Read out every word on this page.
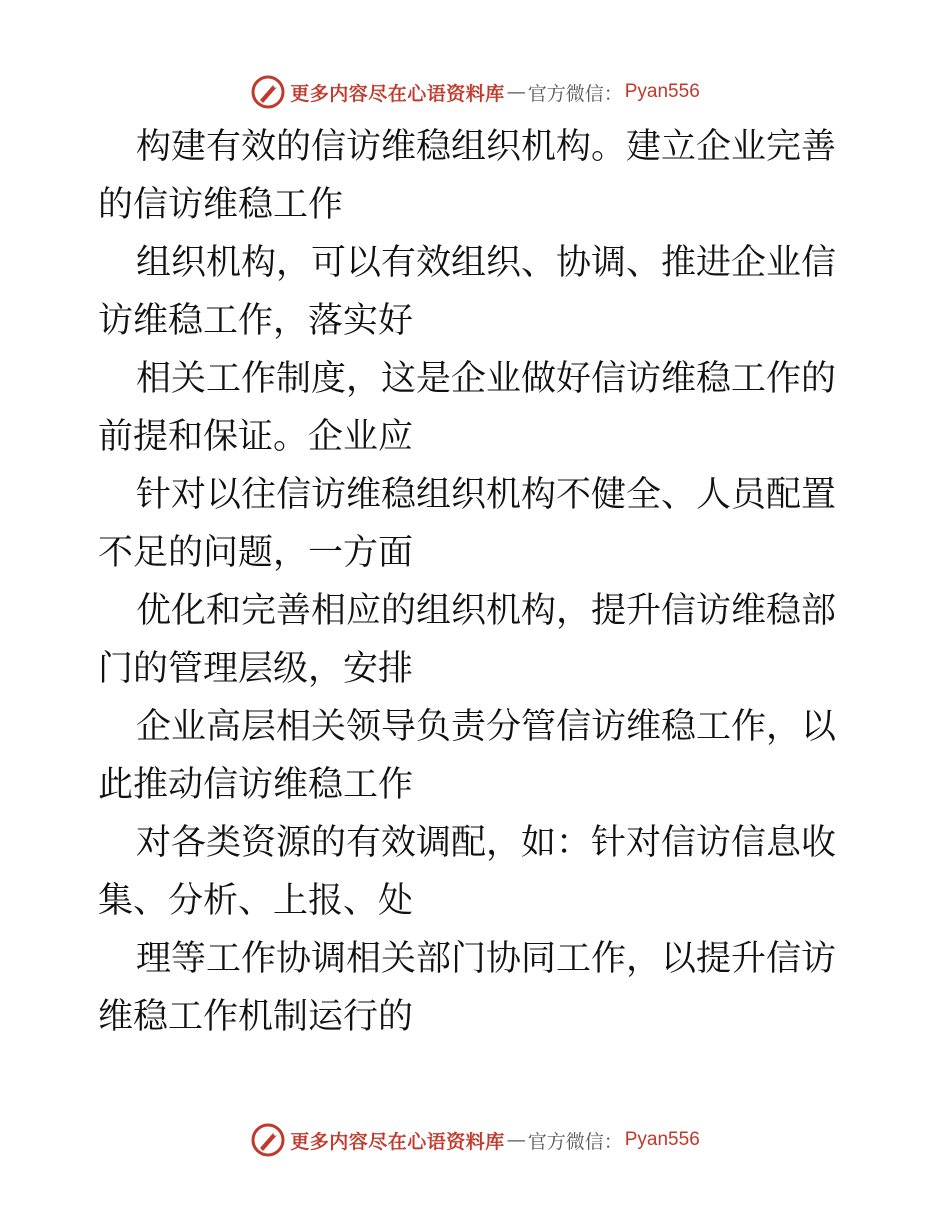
更多内容尽在心语资料库 — 官方微信： Pyan556

构建有效的信访维稳组织机构。建立企业完善的信访维稳工作

组织机构，可以有效组织、协调、推进企业信访维稳工作，落实好

相关工作制度，这是企业做好信访维稳工作的前提和保证。企业应

针对以往信访维稳组织机构不健全、人员配置不足的问题，一方面

优化和完善相应的组织机构，提升信访维稳部门的管理层级，安排

企业高层相关领导负责分管信访维稳工作，以此推动信访维稳工作

对各类资源的有效调配，如：针对信访信息收集、分析、上报、处

理等工作协调相关部门协同工作，以提升信访维稳工作机制运行的

更多内容尽在心语资料库 — 官方微信： Pyan556
